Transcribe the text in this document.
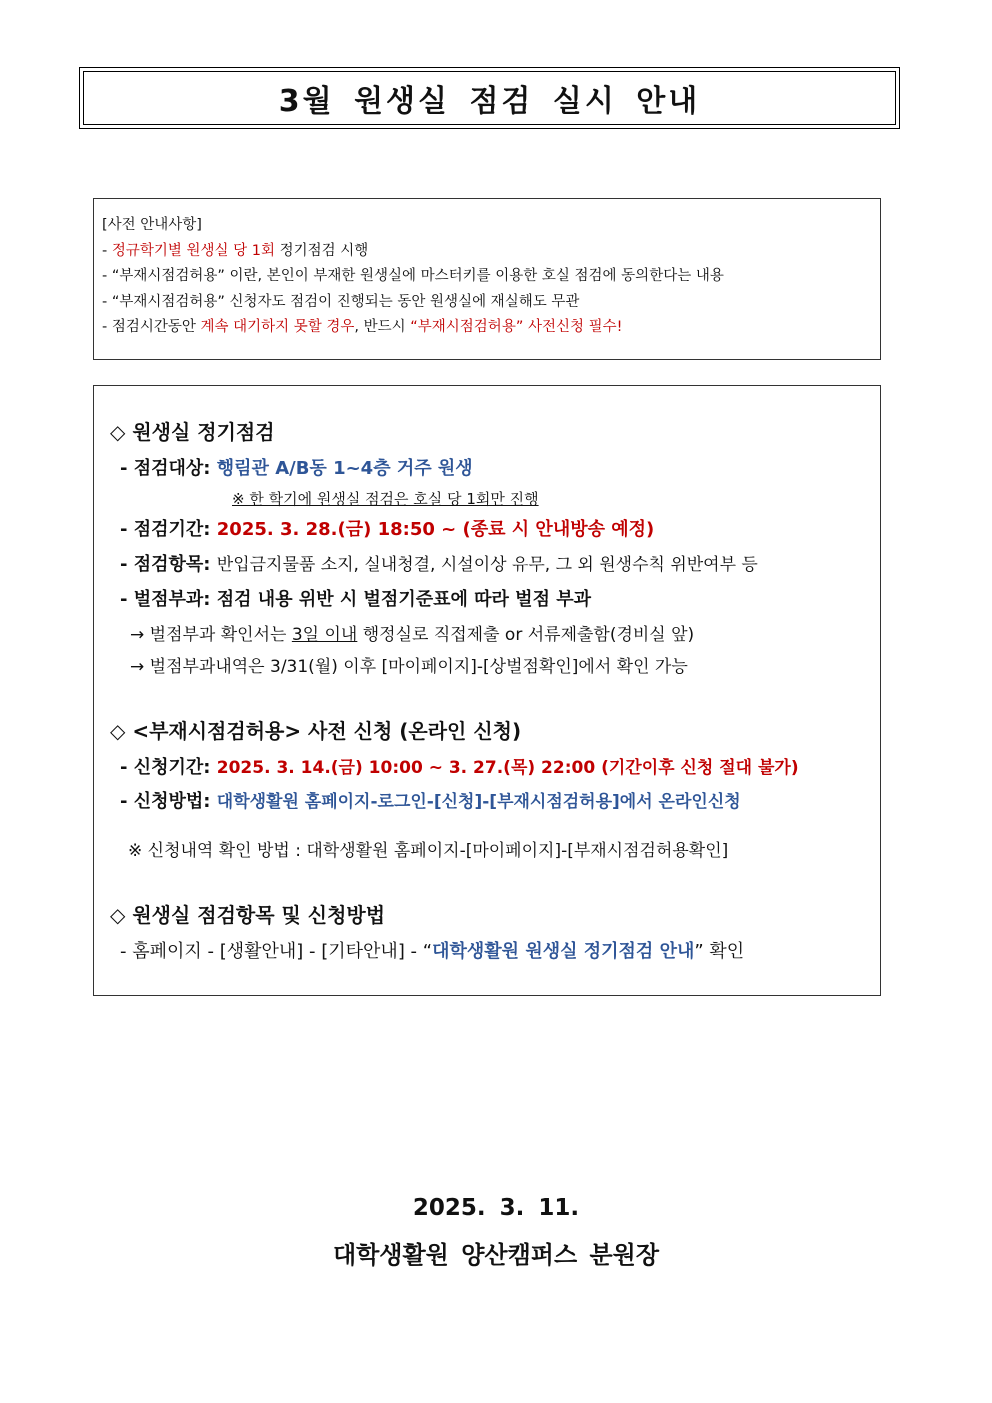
3월 원생실 점검 실시 안내
[사전 안내사항]
- 정규학기별 원생실 당 1회 정기점검 시행
- “부재시점검허용” 이란, 본인이 부재한 원생실에 마스터키를 이용한 호실 점검에 동의한다는 내용
- “부재시점검허용” 신청자도 점검이 진행되는 동안 원생실에 재실해도 무관
- 점검시간동안 계속 대기하지 못할 경우, 반드시 “부재시점검허용” 사전신청 필수!
◇ 원생실 정기점검
- 점검대상: 행림관 A/B동 1~4층 거주 원생
※ 한 학기에 원생실 점검은 호실 당 1회만 진행
- 점검기간: 2025. 3. 28.(금) 18:50 ~ (종료 시 안내방송 예정)
- 점검항목: 반입금지물품 소지, 실내청결, 시설이상 유무, 그 외 원생수칙 위반여부 등
- 벌점부과: 점검 내용 위반 시 벌점기준표에 따라 벌점 부과
→ 벌점부과 확인서는 3일 이내 행정실로 직접제출 or 서류제출함(경비실 앞)
→ 벌점부과내역은 3/31(월) 이후 [마이페이지]-[상벌점확인]에서 확인 가능
◇ <부재시점검허용> 사전 신청 (온라인 신청)
- 신청기간: 2025. 3. 14.(금) 10:00 ~ 3. 27.(목) 22:00 (기간이후 신청 절대 불가)
- 신청방법: 대학생활원 홈페이지-로그인-[신청]-[부재시점검허용]에서 온라인신청
※ 신청내역 확인 방법 : 대학생활원 홈페이지-[마이페이지]-[부재시점검허용확인]
◇ 원생실 점검항목 및 신청방법
- 홈페이지 - [생활안내] - [기타안내] - “대학생활원 원생실 정기점검 안내” 확인
2025. 3. 11.
대학생활원 양산캠퍼스 분원장
